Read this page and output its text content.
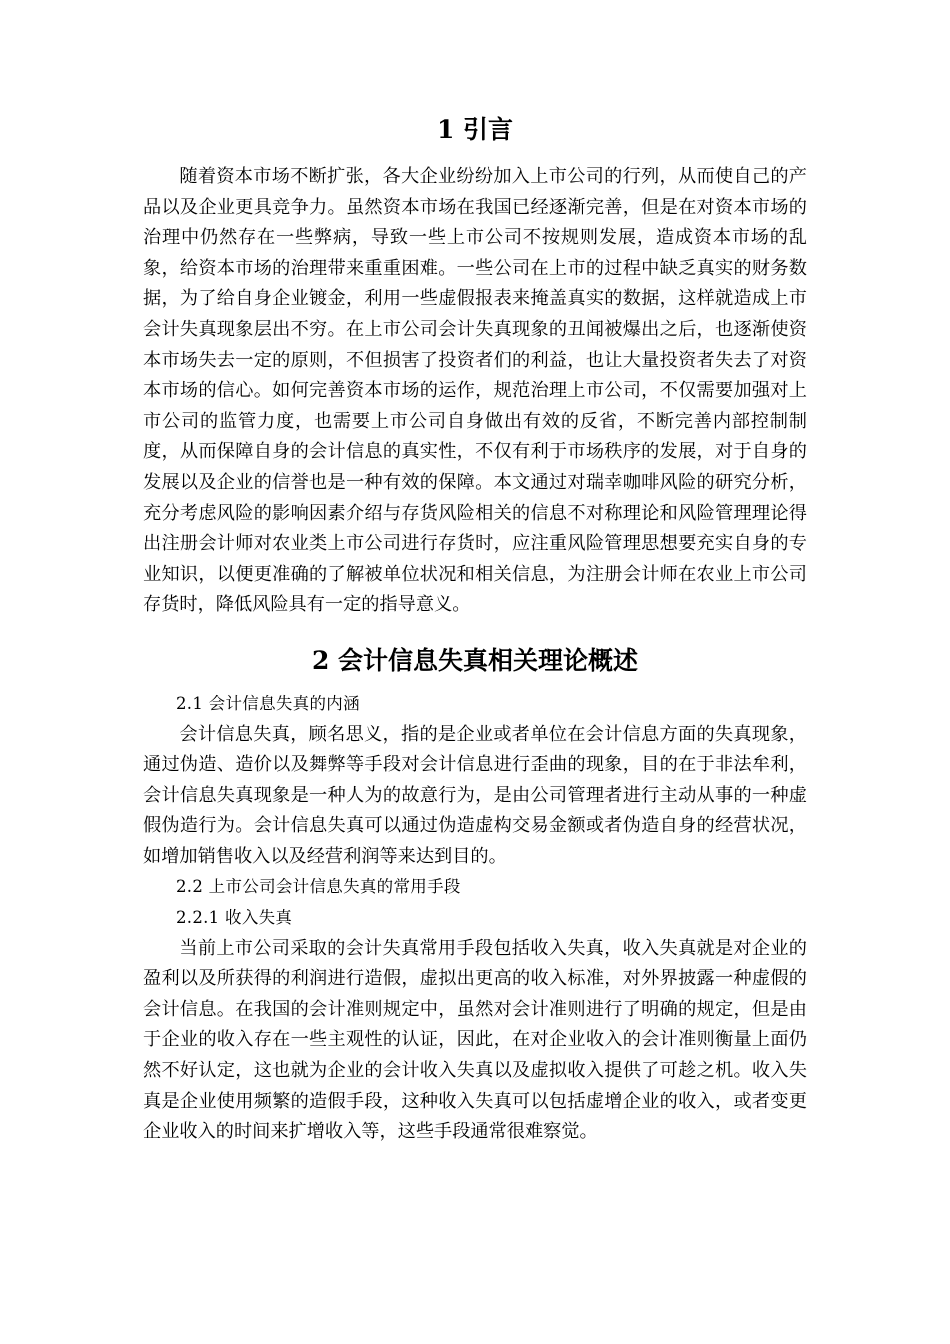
1 引言

随着资本市场不断扩张，各大企业纷纷加入上市公司的行列，从而使自己的产品以及企业更具竞争力。虽然资本市场在我国已经逐渐完善，但是在对资本市场的治理中仍然存在一些弊病，导致一些上市公司不按规则发展，造成资本市场的乱象，给资本市场的治理带来重重困难。一些公司在上市的过程中缺乏真实的财务数据，为了给自身企业镀金，利用一些虚假报表来掩盖真实的数据，这样就造成上市会计失真现象层出不穷。在上市公司会计失真现象的丑闻被爆出之后，也逐渐使资本市场失去一定的原则，不但损害了投资者们的利益，也让大量投资者失去了对资本市场的信心。如何完善资本市场的运作，规范治理上市公司，不仅需要加强对上市公司的监管力度，也需要上市公司自身做出有效的反省，不断完善内部控制制度，从而保障自身的会计信息的真实性，不仅有利于市场秩序的发展，对于自身的发展以及企业的信誉也是一种有效的保障。本文通过对瑞幸咖啡风险的研究分析，充分考虑风险的影响因素介绍与存货风险相关的信息不对称理论和风险管理理论得出注册会计师对农业类上市公司进行存货时，应注重风险管理思想要充实自身的专业知识，以便更准确的了解被单位状况和相关信息，为注册会计师在农业上市公司存货时，降低风险具有一定的指导意义。

2 会计信息失真相关理论概述

2.1 会计信息失真的内涵

会计信息失真，顾名思义，指的是企业或者单位在会计信息方面的失真现象，通过伪造、造价以及舞弊等手段对会计信息进行歪曲的现象，目的在于非法牟利，会计信息失真现象是一种人为的故意行为，是由公司管理者进行主动从事的一种虚假伪造行为。会计信息失真可以通过伪造虚构交易金额或者伪造自身的经营状况，如增加销售收入以及经营利润等来达到目的。

2.2 上市公司会计信息失真的常用手段

2.2.1 收入失真

当前上市公司采取的会计失真常用手段包括收入失真，收入失真就是对企业的盈利以及所获得的利润进行造假，虚拟出更高的收入标准，对外界披露一种虚假的会计信息。在我国的会计准则规定中，虽然对会计准则进行了明确的规定，但是由于企业的收入存在一些主观性的认证，因此，在对企业收入的会计准则衡量上面仍然不好认定，这也就为企业的会计收入失真以及虚拟收入提供了可趁之机。收入失真是企业使用频繁的造假手段，这种收入失真可以包括虚增企业的收入，或者变更企业收入的时间来扩增收入等，这些手段通常很难察觉。
